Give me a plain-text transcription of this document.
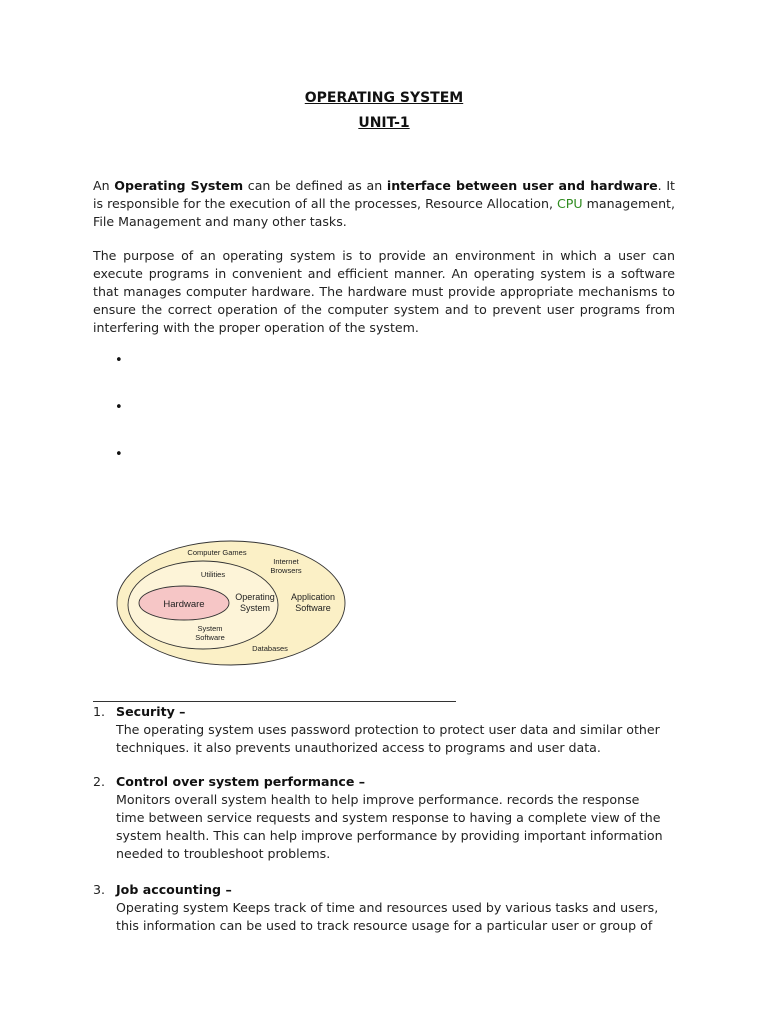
OPERATING SYSTEM
UNIT-1
An Operating System can be defined as an interface between user and hardware. It is responsible for the execution of all the processes, Resource Allocation, CPU management, File Management and many other tasks.
The purpose of an operating system is to provide an environment in which a user can execute programs in convenient and efficient manner. An operating system is a software that manages computer hardware. The hardware must provide appropriate mechanisms to ensure the correct operation of the computer system and to prevent user programs from interfering with the proper operation of the system.
•
•
•
Hardware
Operating
System
Application
Software
Computer Games
Internet
Browsers
Utilities
System
Software
Databases
1. Security –
The operating system uses password protection to protect user data and similar other techniques. it also prevents unauthorized access to programs and user data.
2. Control over system performance –
Monitors overall system health to help improve performance. records the response time between service requests and system response to having a complete view of the system health. This can help improve performance by providing important information needed to troubleshoot problems.
3. Job accounting –
Operating system Keeps track of time and resources used by various tasks and users, this information can be used to track resource usage for a particular user or group of
